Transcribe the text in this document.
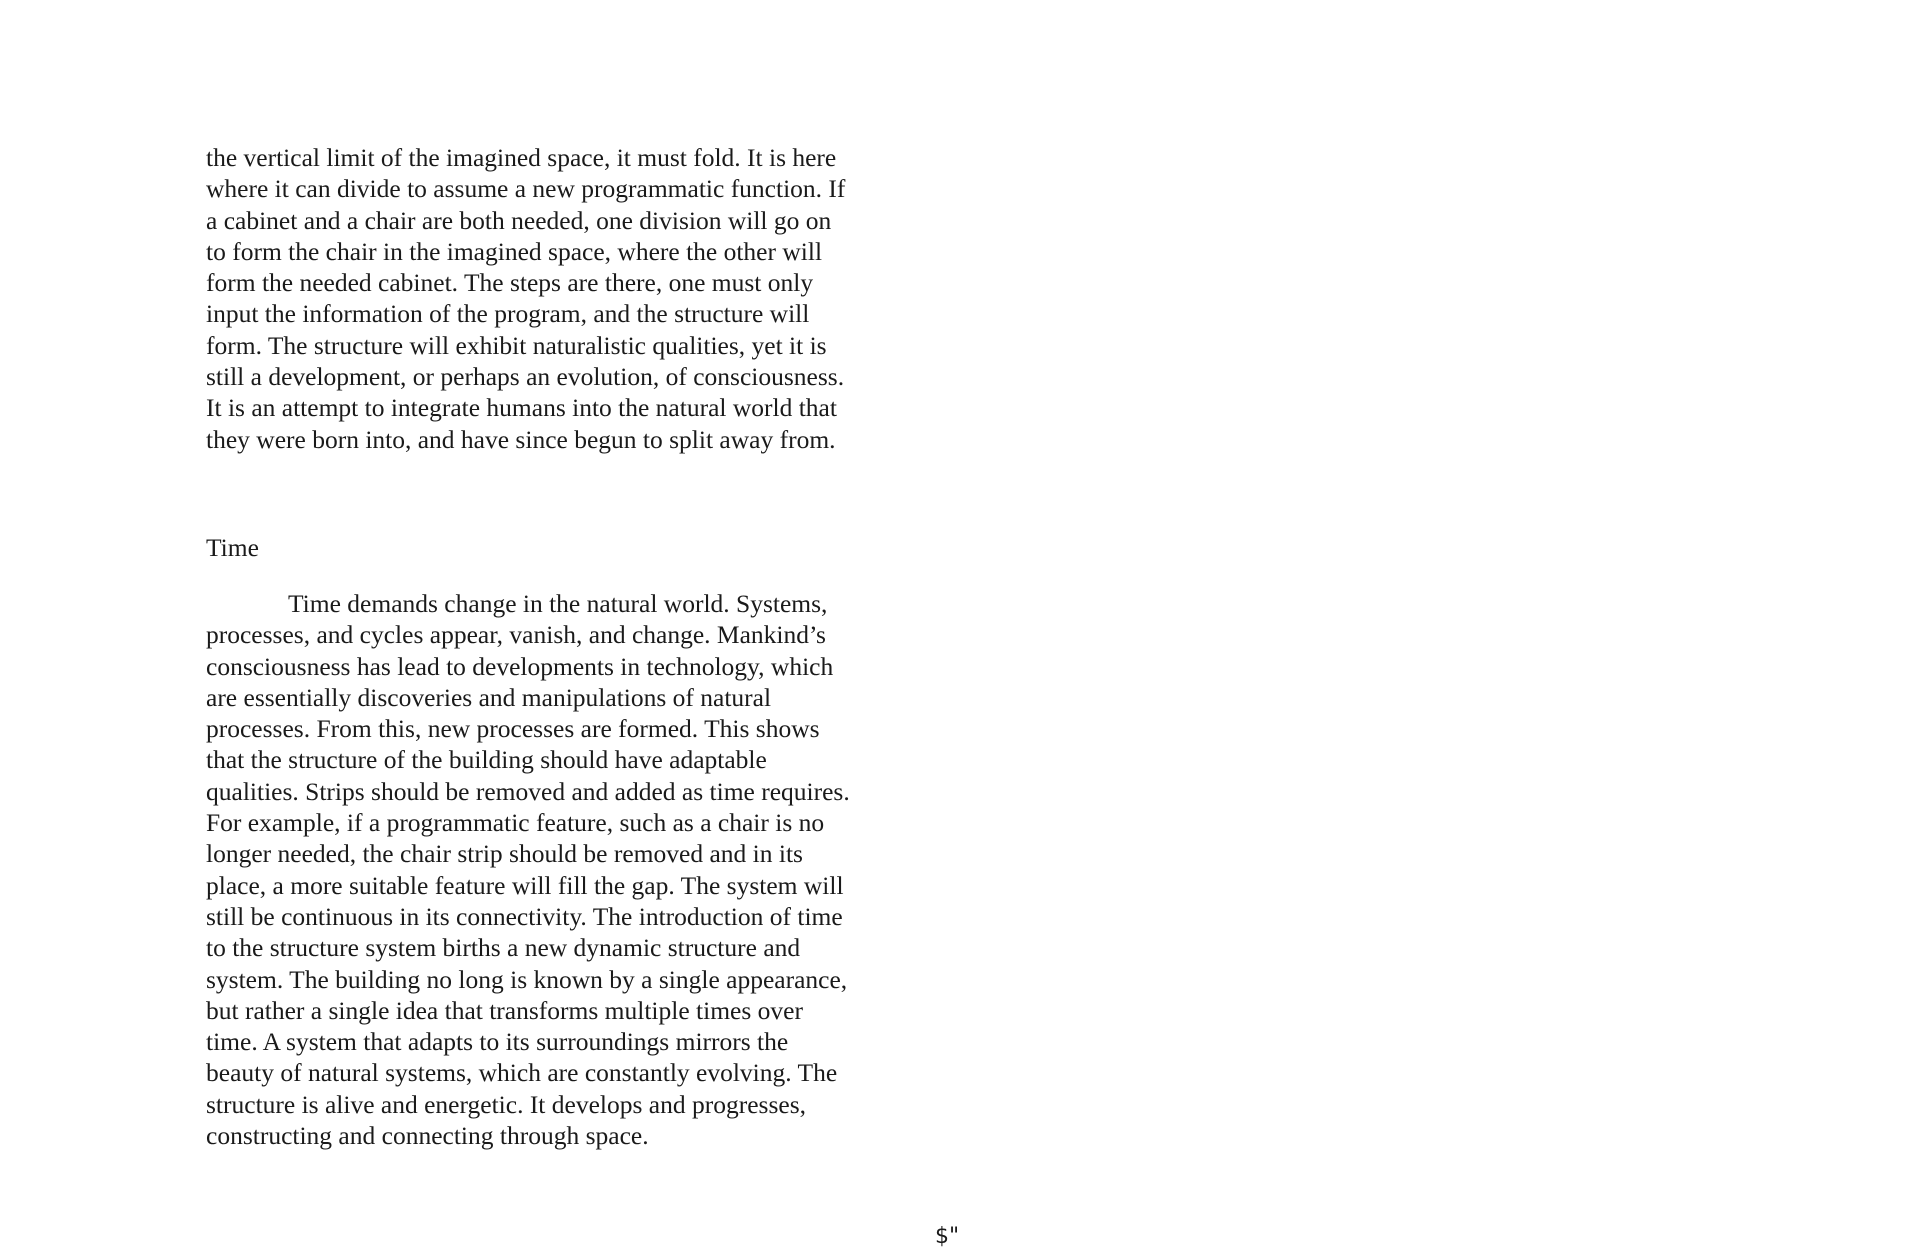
the vertical limit of the imagined space, it must fold. It is here
where it can divide to assume a new programmatic function. If
a cabinet and a chair are both needed, one division will go on
to form the chair in the imagined space, where the other will
form the needed cabinet. The steps are there, one must only
input the information of the program, and the structure will
form. The structure will exhibit naturalistic qualities, yet it is
still a development, or perhaps an evolution, of consciousness.
It is an attempt to integrate humans into the natural world that
they were born into, and have since begun to split away from.

Time

Time demands change in the natural world. Systems,
processes, and cycles appear, vanish, and change. Mankind’s
consciousness has lead to developments in technology, which
are essentially discoveries and manipulations of natural
processes. From this, new processes are formed. This shows
that the structure of the building should have adaptable
qualities. Strips should be removed and added as time requires.
For example, if a programmatic feature, such as a chair is no
longer needed, the chair strip should be removed and in its
place, a more suitable feature will fill the gap. The system will
still be continuous in its connectivity. The introduction of time
to the structure system births a new dynamic structure and
system. The building no long is known by a single appearance,
but rather a single idea that transforms multiple times over
time. A system that adapts to its surroundings mirrors the
beauty of natural systems, which are constantly evolving. The
structure is alive and energetic. It develops and progresses,
constructing and connecting through space.

$"
